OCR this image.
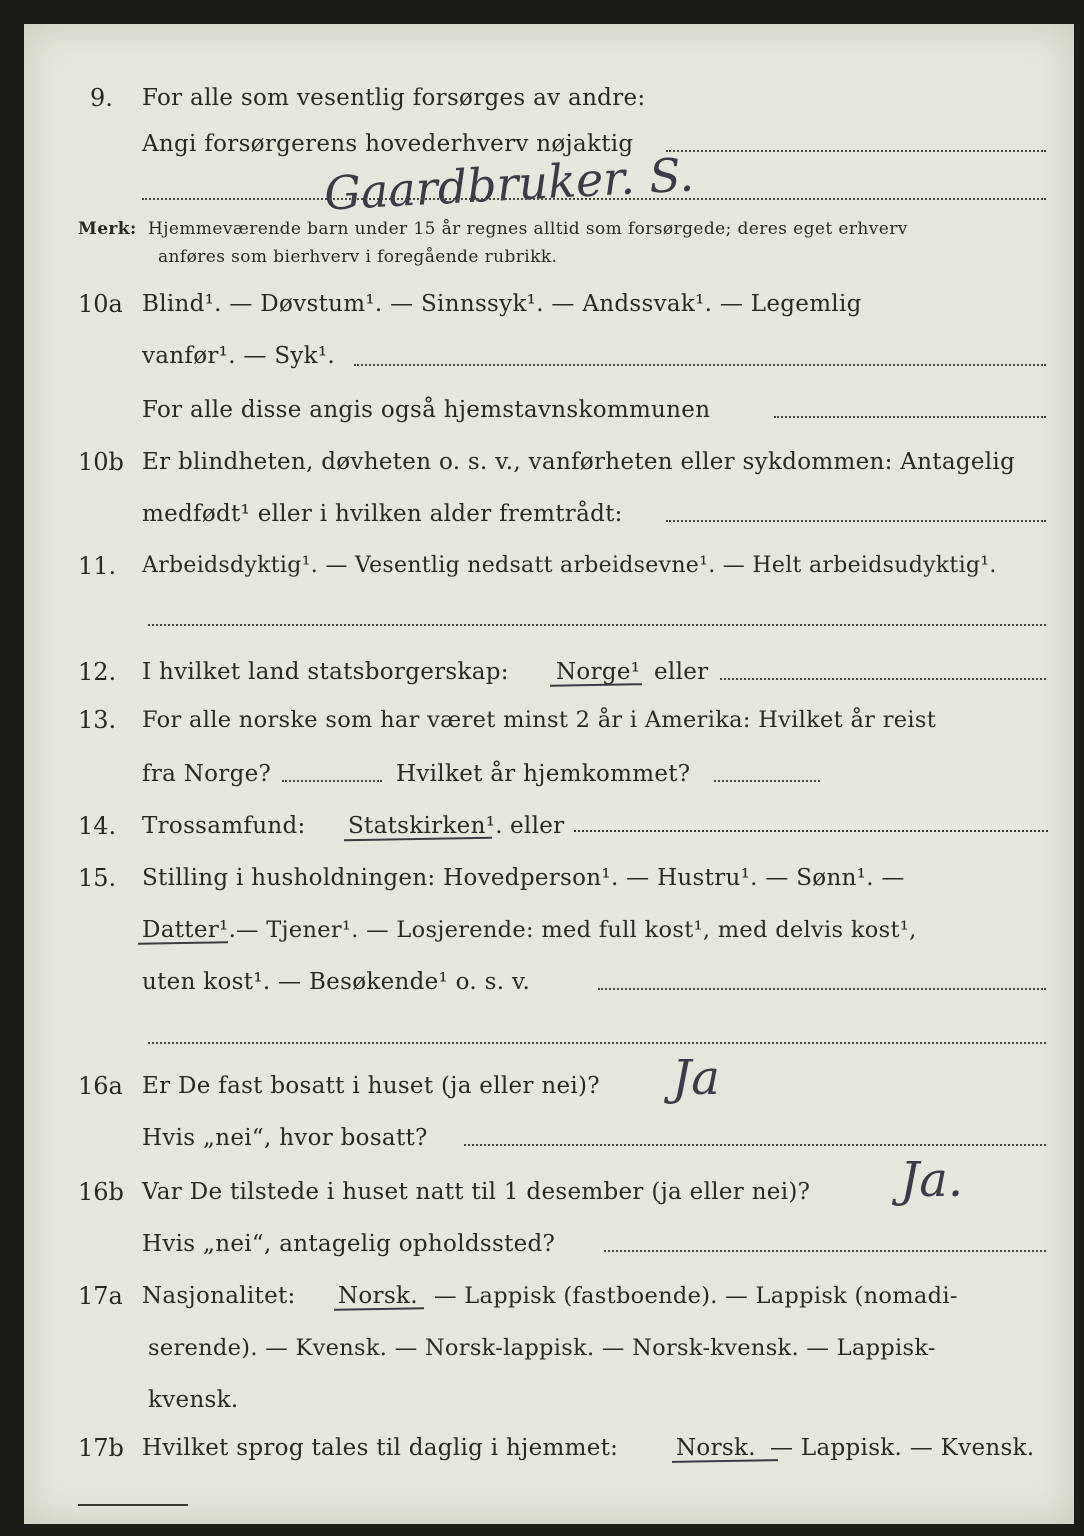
9. For alle som vesentlig forsørges av andre:
Angi forsørgerens hovederhverv nøjaktig
Gaardbruker. S.
Merk: Hjemmeværende barn under 15 år regnes alltid som forsørgede; deres eget erhverv
anføres som bierhverv i foregående rubrikk.
10a Blind¹. — Døvstum¹. — Sinnssyk¹. — Andssvak¹. — Legemlig
vanfør¹. — Syk¹.
For alle disse angis også hjemstavnskommunen
10b Er blindheten, døvheten o. s. v., vanførheten eller sykdommen: Antagelig
medfødt¹ eller i hvilken alder fremtrådt:
11. Arbeidsdyktig¹. — Vesentlig nedsatt arbeidsevne¹. — Helt arbeidsudyktig¹.
12. I hvilket land statsborgerskap: Norge¹ eller
13. For alle norske som har været minst 2 år i Amerika: Hvilket år reist
fra Norge?	Hvilket år hjemkommet?
14. Trossamfund: Statskirken¹. eller
15. Stilling i husholdningen: Hovedperson¹. — Hustru¹. — Sønn¹. —
Datter¹. — Tjener¹. — Losjerende: med full kost¹, med delvis kost¹,
uten kost¹. — Besøkende¹ o. s. v.
16a Er De fast bosatt i huset (ja eller nei)? Ja
Hvis „nei“, hvor bosatt?
16b Var De tilstede i huset natt til 1 desember (ja eller nei)? Ja.
Hvis „nei“, antagelig opholdssted?
17a Nasjonalitet: Norsk. — Lappisk (fastboende). — Lappisk (nomadi-
serende). — Kvensk. — Norsk-lappisk. — Norsk-kvensk. — Lappisk-
kvensk.
17b Hvilket sprog tales til daglig i hjemmet:	Norsk. — Lappisk. — Kvensk.
